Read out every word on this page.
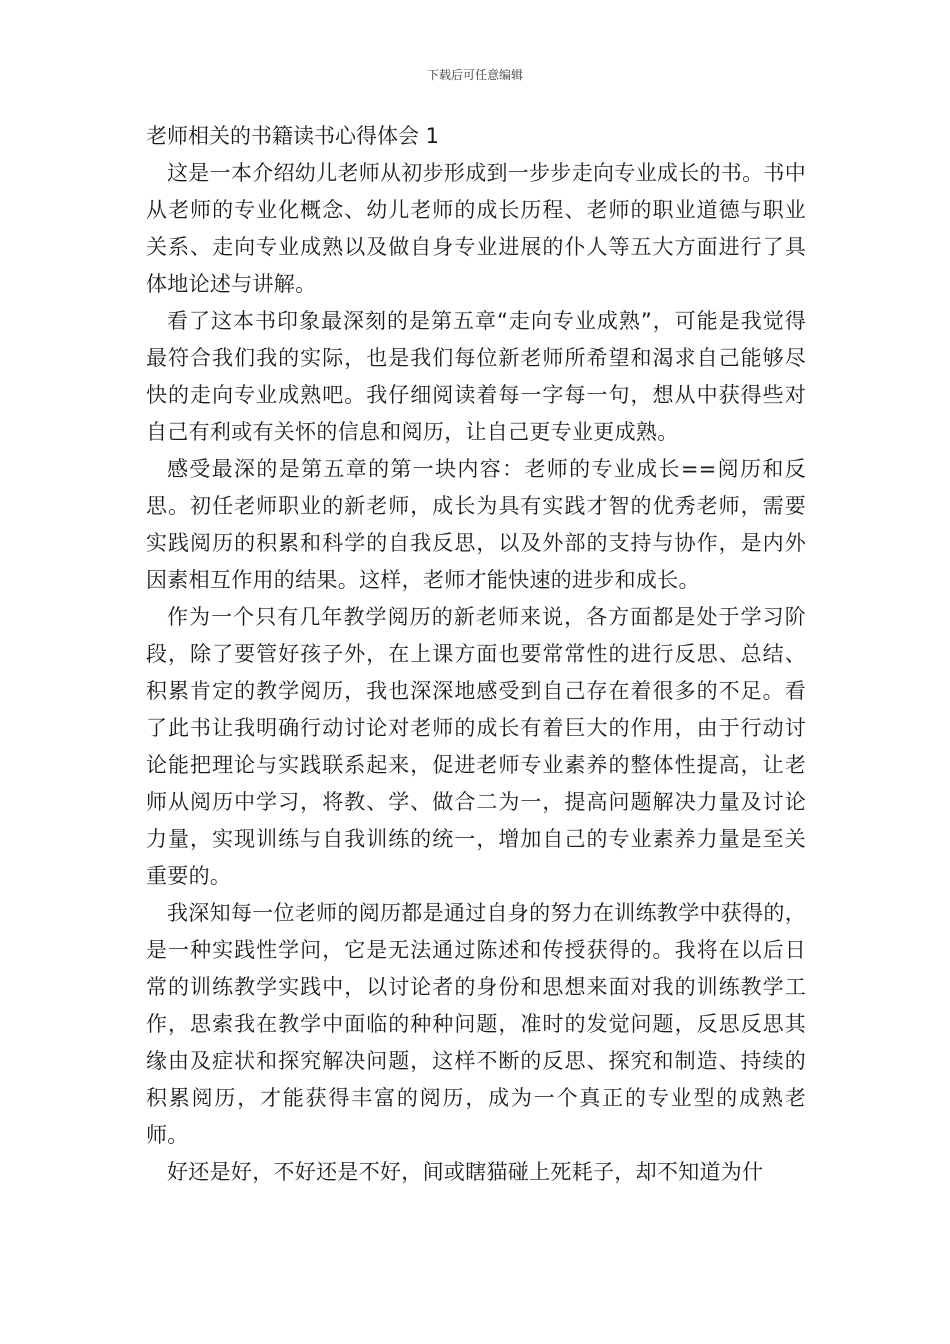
下载后可任意编辑
老师相关的书籍读书心得体会 1

这是一本介绍幼儿老师从初步形成到一步步走向专业成长的书。书中从老师的专业化概念、幼儿老师的成长历程、老师的职业道德与职业关系、走向专业成熟以及做自身专业进展的仆人等五大方面进行了具体地论述与讲解。

看了这本书印象最深刻的是第五章“走向专业成熟”，可能是我觉得最符合我们我的实际，也是我们每位新老师所希望和渴求自己能够尽快的走向专业成熟吧。我仔细阅读着每一字每一句，想从中获得些对自己有利或有关怀的信息和阅历，让自己更专业更成熟。

感受最深的是第五章的第一块内容：老师的专业成长==阅历和反思。初任老师职业的新老师，成长为具有实践才智的优秀老师，需要实践阅历的积累和科学的自我反思，以及外部的支持与协作，是内外因素相互作用的结果。这样，老师才能快速的进步和成长。

作为一个只有几年教学阅历的新老师来说，各方面都是处于学习阶段，除了要管好孩子外，在上课方面也要常常性的进行反思、总结、积累肯定的教学阅历，我也深深地感受到自己存在着很多的不足。看了此书让我明确行动讨论对老师的成长有着巨大的作用，由于行动讨论能把理论与实践联系起来，促进老师专业素养的整体性提高，让老师从阅历中学习，将教、学、做合二为一，提高问题解决力量及讨论力量，实现训练与自我训练的统一，增加自己的专业素养力量是至关重要的。

我深知每一位老师的阅历都是通过自身的努力在训练教学中获得的，是一种实践性学问，它是无法通过陈述和传授获得的。我将在以后日常的训练教学实践中，以讨论者的身份和思想来面对我的训练教学工作，思索我在教学中面临的种种问题，准时的发觉问题，反思反思其缘由及症状和探究解决问题，这样不断的反思、探究和制造、持续的积累阅历，才能获得丰富的阅历，成为一个真正的专业型的成熟老师。

好还是好，不好还是不好，间或瞎猫碰上死耗子，却不知道为什
